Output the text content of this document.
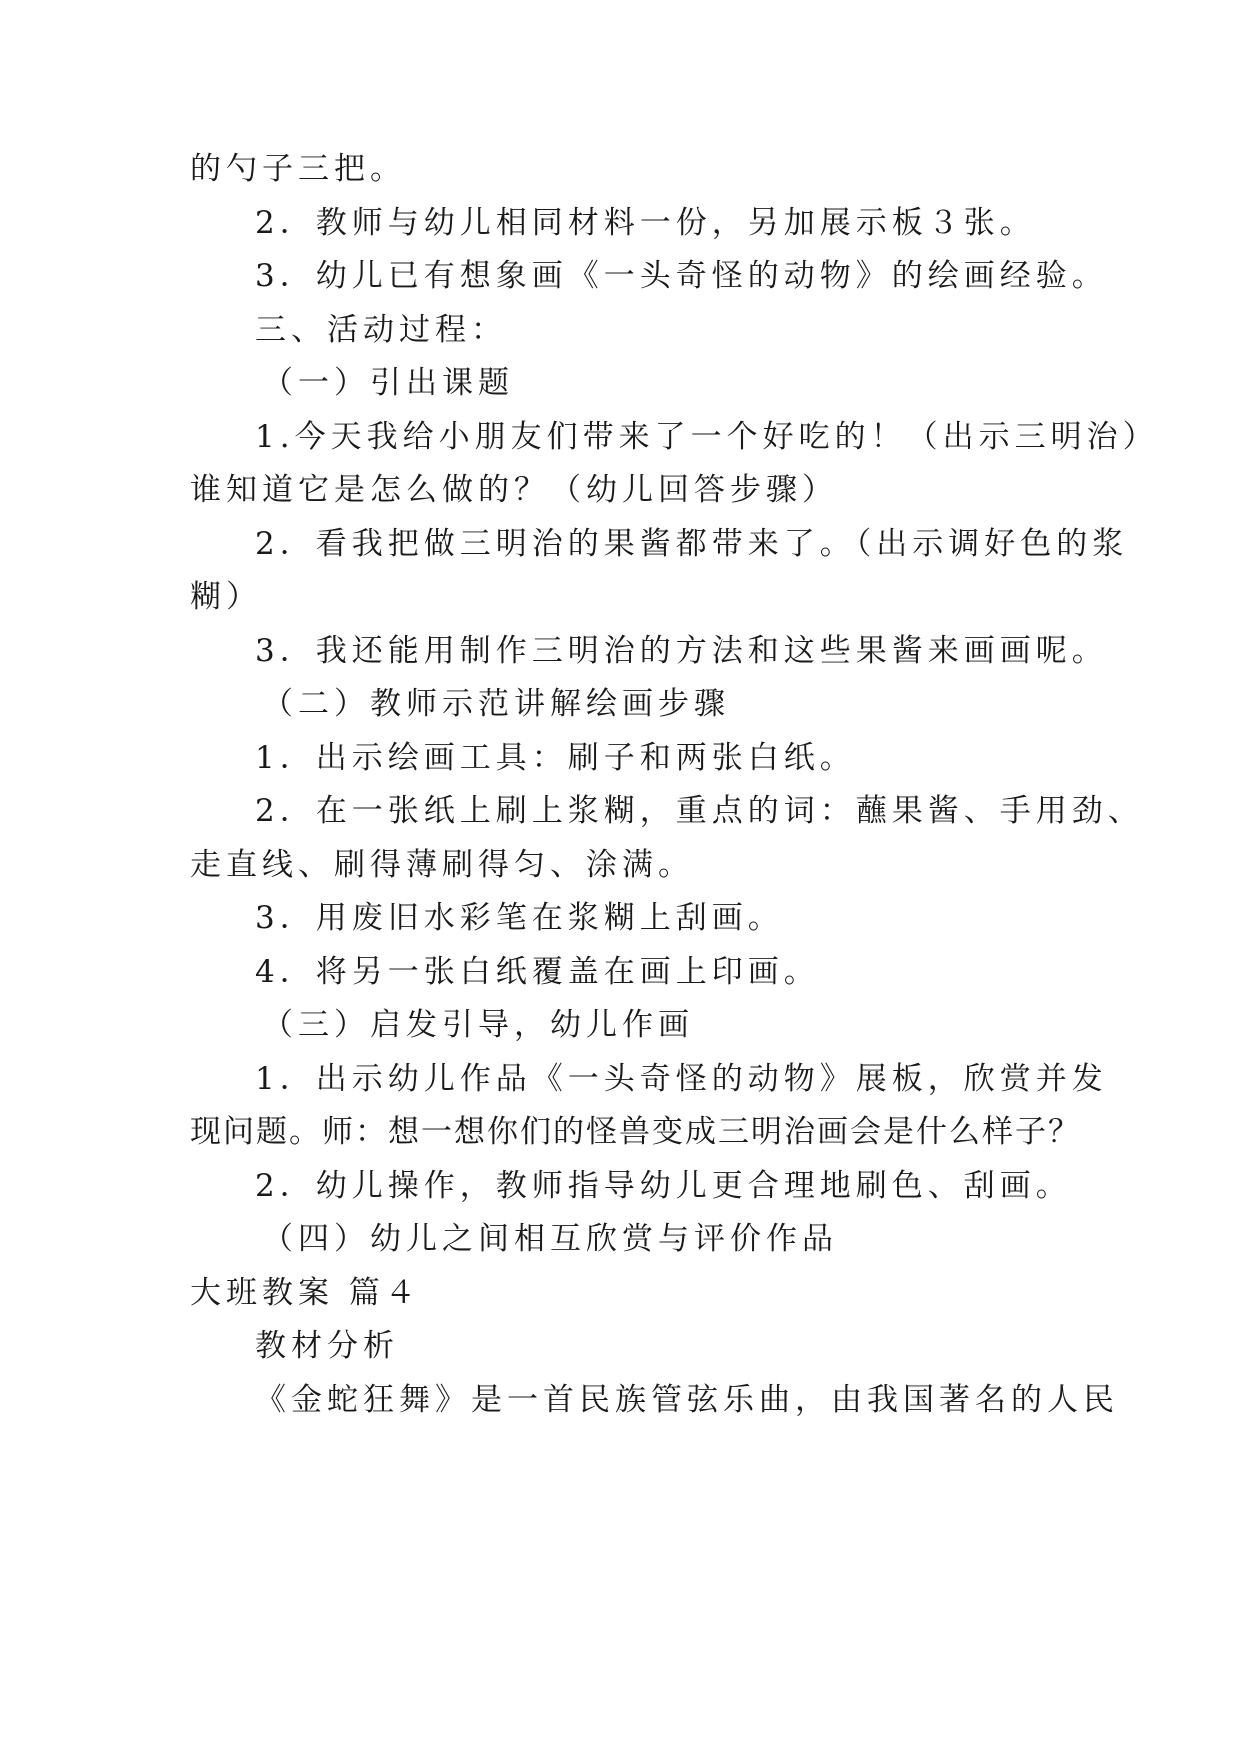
的勺子三把。
2．教师与幼儿相同材料一份，另加展示板３张。
3．幼儿已有想象画《一头奇怪的动物》的绘画经验。
三、活动过程：
（一）引出课题
1.今天我给小朋友们带来了一个好吃的！（出示三明治）
谁知道它是怎么做的？（幼儿回答步骤）
2．看我把做三明治的果酱都带来了。（出示调好色的浆
糊）
3．我还能用制作三明治的方法和这些果酱来画画呢。
（二）教师示范讲解绘画步骤
1．出示绘画工具：刷子和两张白纸。
2．在一张纸上刷上浆糊，重点的词：蘸果酱、手用劲、
走直线、刷得薄刷得匀、涂满。
3．用废旧水彩笔在浆糊上刮画。
4．将另一张白纸覆盖在画上印画。
（三）启发引导，幼儿作画
1．出示幼儿作品《一头奇怪的动物》展板，欣赏并发
现问题。师：想一想你们的怪兽变成三明治画会是什么样子？
2．幼儿操作，教师指导幼儿更合理地刷色、刮画。
（四）幼儿之间相互欣赏与评价作品
大班教案 篇４
教材分析
《金蛇狂舞》是一首民族管弦乐曲，由我国著名的人民
